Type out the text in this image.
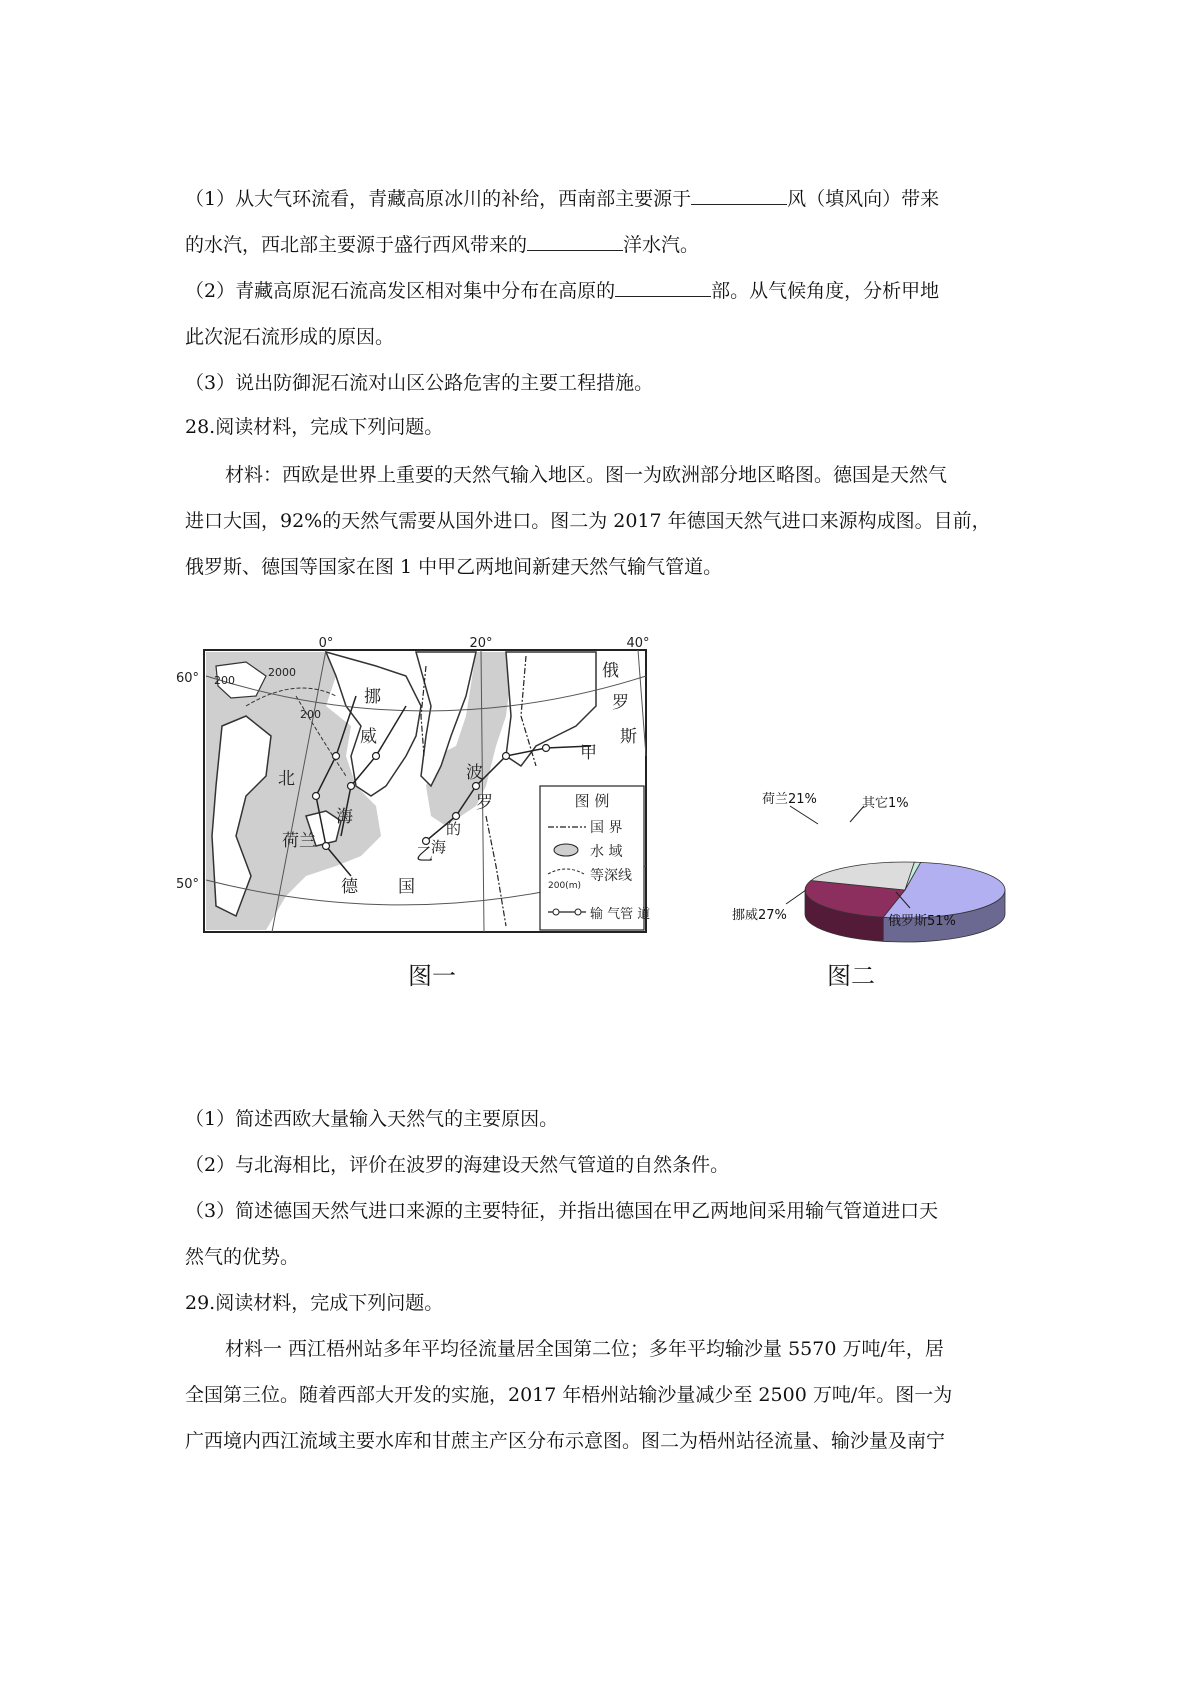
（1）从大气环流看，青藏高原冰川的补给，西南部主要源于	风（填风向）带来
的水汽，西北部主要源于盛行西风带来的	洋水汽。
（2）青藏高原泥石流高发区相对集中分布在高原的	部。从气候角度，分析甲地
此次泥石流形成的原因。
（3）说出防御泥石流对山区公路危害的主要工程措施。
28.阅读材料，完成下列问题。
材料：西欧是世界上重要的天然气输入地区。图一为欧洲部分地区略图。德国是天然气
进口大国，92%的天然气需要从国外进口。图二为 2017 年德国天然气进口来源构成图。目前，
俄罗斯、德国等国家在图 1 中甲乙两地间新建天然气输气管道。
0°	20°	40°
60°
50°
2000
200
200
挪
威
北
海
荷兰
德 国
俄
罗
斯
甲
乙
波
罗
的
海
图 例
国 界
水 域
200(m)
等深线
输 气管 道
图一	图二
荷兰21%	其它1%
挪威27%	俄罗斯51%
（1）简述西欧大量输入天然气的主要原因。
（2）与北海相比，评价在波罗的海建设天然气管道的自然条件。
（3）简述德国天然气进口来源的主要特征，并指出德国在甲乙两地间采用输气管道进口天
然气的优势。
29.阅读材料，完成下列问题。
材料一 西江梧州站多年平均径流量居全国第二位；多年平均输沙量 5570 万吨/年，居
全国第三位。随着西部大开发的实施，2017 年梧州站输沙量减少至 2500 万吨/年。图一为
广西境内西江流域主要水库和甘蔗主产区分布示意图。图二为梧州站径流量、输沙量及南宁
